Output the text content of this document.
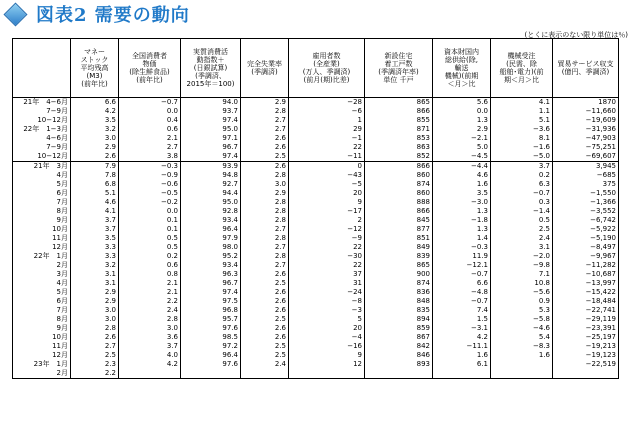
図表2 需要の動向
(とくに表示のない限り単位は％)

	マネー
ストック
平均残高
(M3)
(前年比)	全国消費者
物価
(除生鮮食品)
(前年比)	実質消費活
動指数＋
(日銀試算)
(季調済、
2015年＝100)	完全失業率
(季調済)	雇用者数
(全産業)
(万人、季調済)
(前月(期)比差)	新設住宅
着工戸数
(季調済年率)
単位 千戸	資本財国内
総供給(除,
輸送
機械)(前期
＜月＞比	機械受注
(民需、除
船舶･電力)(前
期＜月＞比	貿易サービス収支
(億円、季調済)

21年　4−6月	6.6	−0.7	94.0	2.9	−28	865	5.6	4.1	1870
7−9月	4.2	0.0	93.7	2.8	−6	866	0.0	1.1	−11,660
10−12月	3.5	0.4	97.4	2.7	1	855	1.3	5.1	−19,609
22年　1−3月	3.2	0.6	95.0	2.7	29	871	2.9	−3.6	−31,936
4−6月	3.0	2.1	97.1	2.6	−1	853	−2.1	8.1	−47,903
7−9月	2.9	2.7	96.7	2.6	22	863	5.0	−1.6	−75,251
10−12月	2.6	3.8	97.4	2.5	−11	852	−4.5	−5.0	−69,607
21年　3月	7.9	−0.3	93.9	2.6	0	866	−4.4	3.7	3,945
4月	7.8	−0.9	94.8	2.8	−43	860	4.6	0.2	−685
5月	6.8	−0.6	92.7	3.0	−5	874	1.6	6.3	375
6月	5.1	−0.5	94.4	2.9	20	860	3.5	−0.7	−1,550
7月	4.6	−0.2	95.0	2.8	9	888	−3.0	0.3	−1,366
8月	4.1	0.0	92.8	2.8	−17	866	1.3	−1.4	−3,552
9月	3.7	0.1	93.4	2.8	2	845	−1.8	0.5	−6,742
10月	3.7	0.1	96.4	2.7	−12	877	1.3	2.5	−5,922
11月	3.5	0.5	97.9	2.8	−9	851	1.4	2.4	−5,190
12月	3.3	0.5	98.0	2.7	22	849	−0.3	3.1	−8,497
22年　1月	3.3	0.2	95.2	2.8	−30	839	11.9	−2.0	−9,967
2月	3.2	0.6	93.4	2.7	22	865	−12.1	−9.8	−11,282
3月	3.1	0.8	96.3	2.6	37	900	−0.7	7.1	−10,687
4月	3.1	2.1	96.7	2.5	31	874	6.6	10.8	−13,997
5月	2.9	2.1	97.4	2.6	−24	836	−4.8	−5.6	−15,422
6月	2.9	2.2	97.5	2.6	−8	848	−0.7	0.9	−18,484
7月	3.0	2.4	96.8	2.6	−3	835	7.4	5.3	−22,741
8月	3.0	2.8	95.7	2.5	5	894	1.5	−5.8	−29,119
9月	2.8	3.0	97.6	2.6	20	859	−3.1	−4.6	−23,391
10月	2.6	3.6	98.5	2.6	−4	867	4.2	5.4	−25,197
11月	2.7	3.7	97.2	2.5	−16	842	−11.1	−8.3	−19,213
12月	2.5	4.0	96.4	2.5	9	846	1.6	1.6	−19,123
23年　1月	2.3	4.2	97.6	2.4	12	893	6.1		−22,519
2月	2.2								
